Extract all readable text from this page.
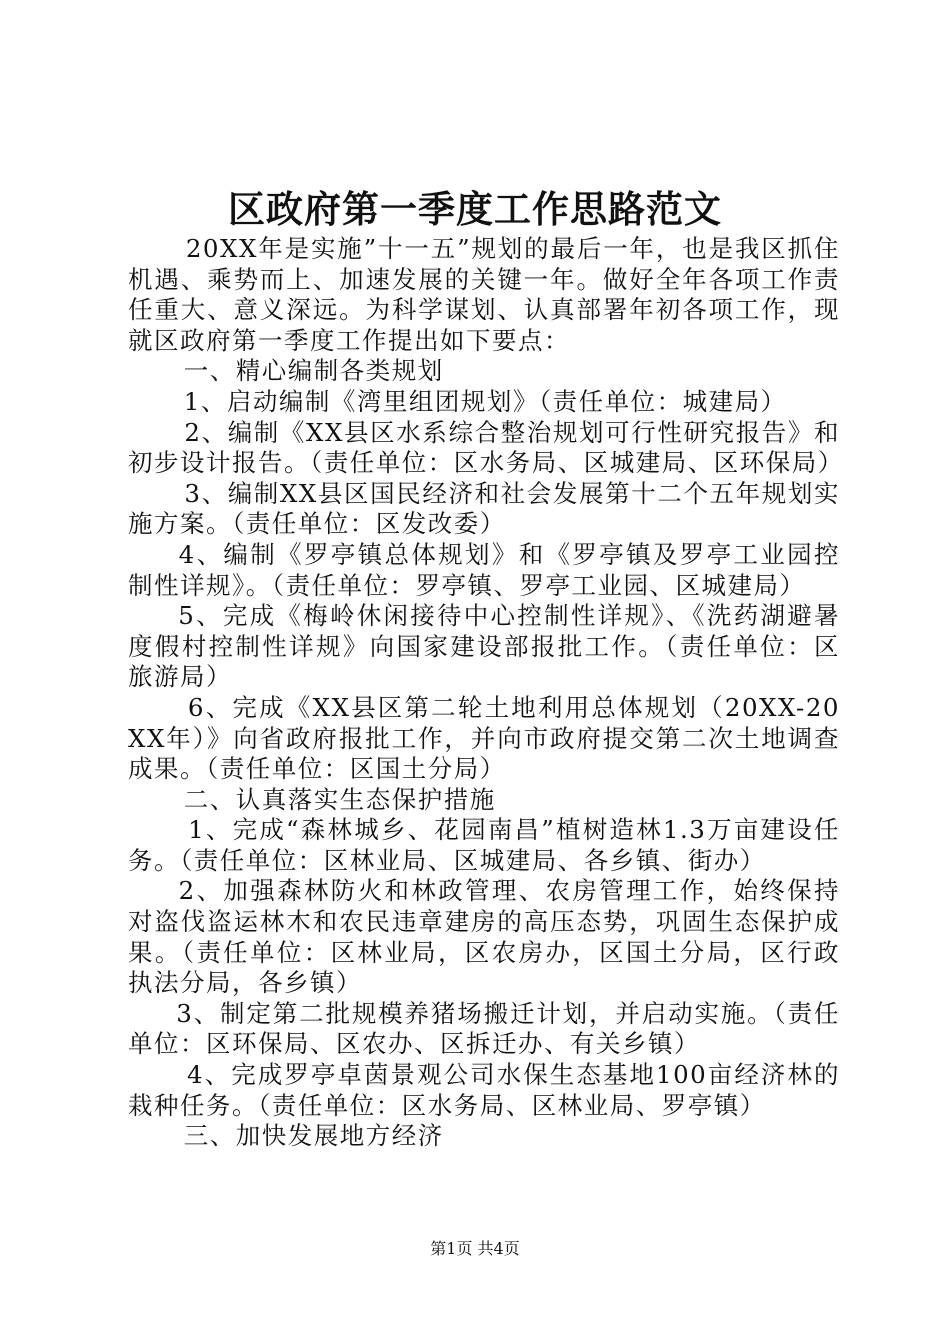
区政府第一季度工作思路范文

20XX年是实施”十一五”规划的最后一年，也是我区抓住机遇、乘势而上、加速发展的关键一年。做好全年各项工作责任重大、意义深远。为科学谋划、认真部署年初各项工作，现就区政府第一季度工作提出如下要点：

一、精心编制各类规划

1、启动编制《湾里组团规划》（责任单位：城建局）

2、编制《XX县区水系综合整治规划可行性研究报告》和初步设计报告。（责任单位：区水务局、区城建局、区环保局）

3、编制XX县区国民经济和社会发展第十二个五年规划实施方案。（责任单位：区发改委）

4、编制《罗亭镇总体规划》和《罗亭镇及罗亭工业园控制性详规》。（责任单位：罗亭镇、罗亭工业园、区城建局）

5、完成《梅岭休闲接待中心控制性详规》、《洗药湖避暑度假村控制性详规》向国家建设部报批工作。（责任单位：区旅游局）

6、完成《XX县区第二轮土地利用总体规划（20XX-20XX年）》向省政府报批工作，并向市政府提交第二次土地调查成果。（责任单位：区国土分局）

二、认真落实生态保护措施

1、完成“森林城乡、花园南昌”植树造林1.3万亩建设任务。（责任单位：区林业局、区城建局、各乡镇、街办）

2、加强森林防火和林政管理、农房管理工作，始终保持对盗伐盗运林木和农民违章建房的高压态势，巩固生态保护成果。（责任单位：区林业局，区农房办，区国土分局，区行政执法分局，各乡镇）

3、制定第二批规模养猪场搬迁计划，并启动实施。（责任单位：区环保局、区农办、区拆迁办、有关乡镇）

4、完成罗亭卓茵景观公司水保生态基地100亩经济林的栽种任务。（责任单位：区水务局、区林业局、罗亭镇）

三、加快发展地方经济

第1页 共4页
